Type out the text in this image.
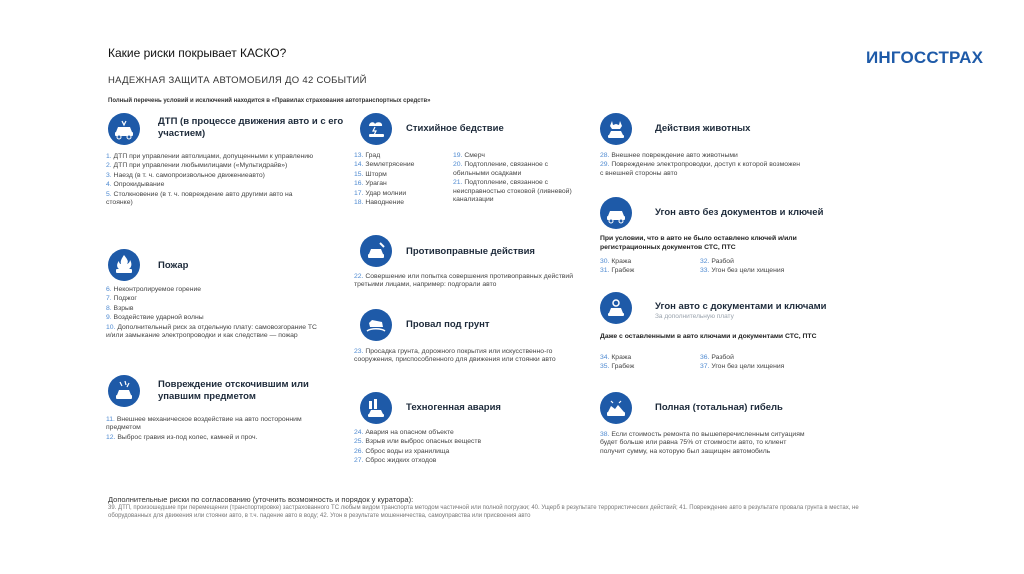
Какие риски покрывает КАСКО?	ИНГОССТРАХ
НАДЕЖНАЯ ЗАЩИТА АВТОМОБИЛЯ ДО 42 СОБЫТИЙ
Полный перечень условий и исключений находится в «Правилах страхования автотранспортных средств»
ДТП (в процессе движения авто и с его участием)
1. ДТП при управлении автолицами, допущенными к управлению
2. ДТП при управлении любымилицами («Мультидрайв»)
3. Наезд (в т. ч. самопроизвольное движениеавто)
4. Опрокидывание
5. Столкновение (в т. ч. повреждение авто другими авто на стоянке)
Пожар
6. Неконтролируемое горение
7. Поджог
8. Взрыв
9. Воздействие ударной волны
10. Дополнительный риск за отдельную плату: самовозгорание ТС и/или замыкание электропроводки и как следствие — пожар
Повреждение отскочившим или упавшим предметом
11. Внешнее механическое воздействие на авто посторонним предметом
12. Выброс гравия из-под колес, камней и проч.
Стихийное бедствие
13. Град
14. Землетрясение
15. Шторм
16. Ураган
17. Удар молнии
18. Наводнение
19. Смерч
20. Подтопление, связанное с обильными осадками
21. Подтопление, связанное с неисправностью стоковой (ливневой) канализации
Противоправные действия
22. Совершение или попытка совершения противоправных действий третьими лицами, например: подгорали авто
Провал под грунт
23. Просадка грунта, дорожного покрытия или искусственно-го сооружения, приспособленного для движения или стоянки авто
Техногенная авария
24. Авария на опасном объекте
25. Взрыв или выброс опасных веществ
26. Сброс воды из хранилища
27. Сброс жидких отходов
Действия животных
28. Внешнее повреждение авто животными
29. Повреждение электропроводки, доступ к которой возможен с внешней стороны авто
Угон авто без документов и ключей
При условии, что в авто не было оставлено ключей и/или регистрационных документов СТС, ПТС
30. Кража
31. Грабеж
32. Разбой
33. Угон без цели хищения
Угон авто с документами и ключами
За дополнительную плату
Даже с оставленными в авто ключами и документами СТС, ПТС
34. Кража
35. Грабеж
36. Разбой
37. Угон без цели хищения
Полная (тотальная) гибель
38. Если стоимость ремонта по вышеперечисленным ситуациям будет больше или равна 75% от стоимости авто, то клиент получит сумму, на которую был защищен автомобиль
Дополнительные риски по согласованию (уточнить возможность и порядок у куратора):
39. ДТП, произошедшие при перемещении (транспортировке) застрахованного ТС любым видом транспорта методом частичной или полной погрузки; 40. Ущерб в результате террористических действий; 41. Повреждение авто в результате провала грунта в местах, не оборудованных для движения или стоянки авто, в т.ч. падение авто в воду; 42. Угон в результате мошенничества, самоуправства или присвоения авто
